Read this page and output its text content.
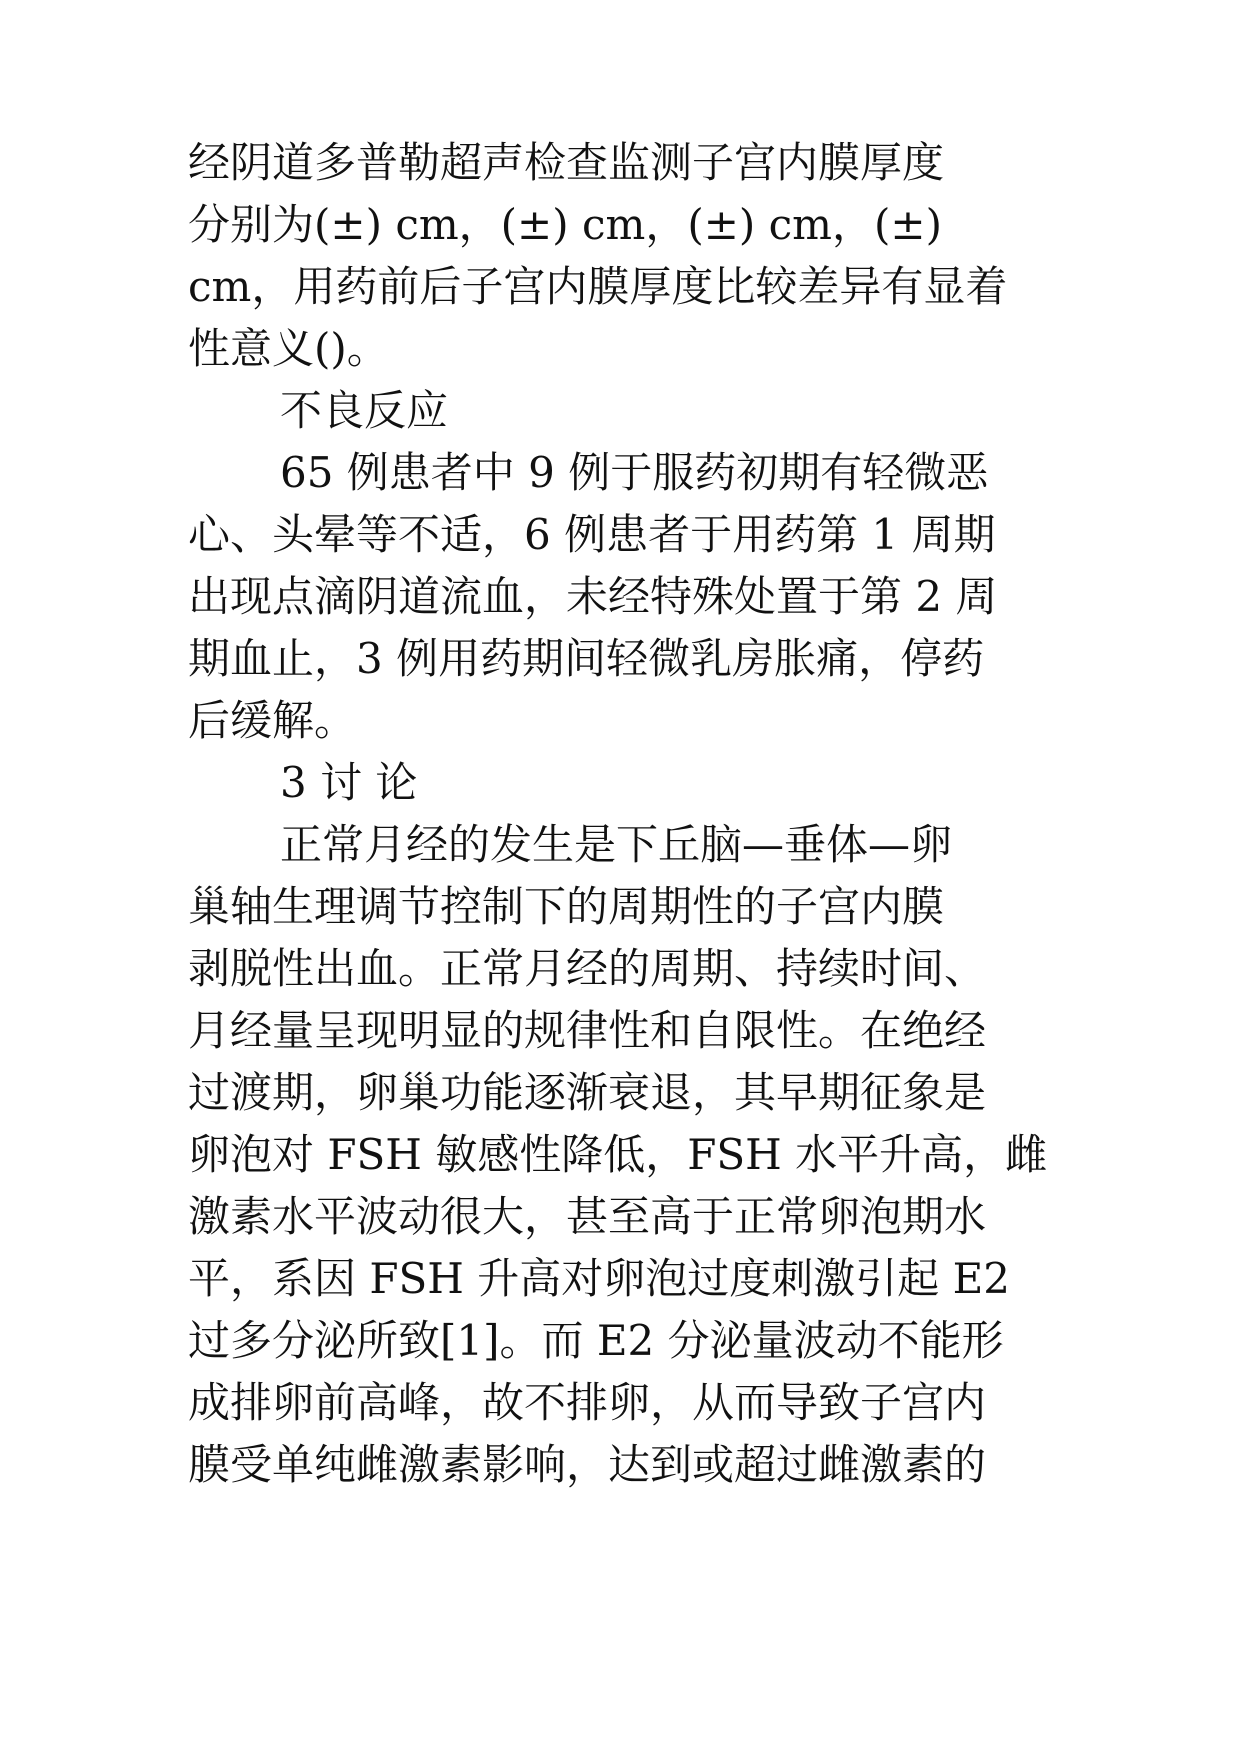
经阴道多普勒超声检查监测子宫内膜厚度
分别为(±) cm，(±) cm，(±) cm，(±)
cm，用药前后子宫内膜厚度比较差异有显着
性意义()。
不良反应
65 例患者中 9 例于服药初期有轻微恶
心、头晕等不适，6 例患者于用药第 1 周期
出现点滴阴道流血，未经特殊处置于第 2 周
期血止，3 例用药期间轻微乳房胀痛，停药
后缓解。
3 讨 论
正常月经的发生是下丘脑—垂体—卵
巢轴生理调节控制下的周期性的子宫内膜
剥脱性出血。正常月经的周期、持续时间、
月经量呈现明显的规律性和自限性。在绝经
过渡期，卵巢功能逐渐衰退，其早期征象是
卵泡对 FSH 敏感性降低，FSH 水平升高，雌
激素水平波动很大，甚至高于正常卵泡期水
平，系因 FSH 升高对卵泡过度刺激引起 E2
过多分泌所致[1]。而 E2 分泌量波动不能形
成排卵前高峰，故不排卵，从而导致子宫内
膜受单纯雌激素影响，达到或超过雌激素的
